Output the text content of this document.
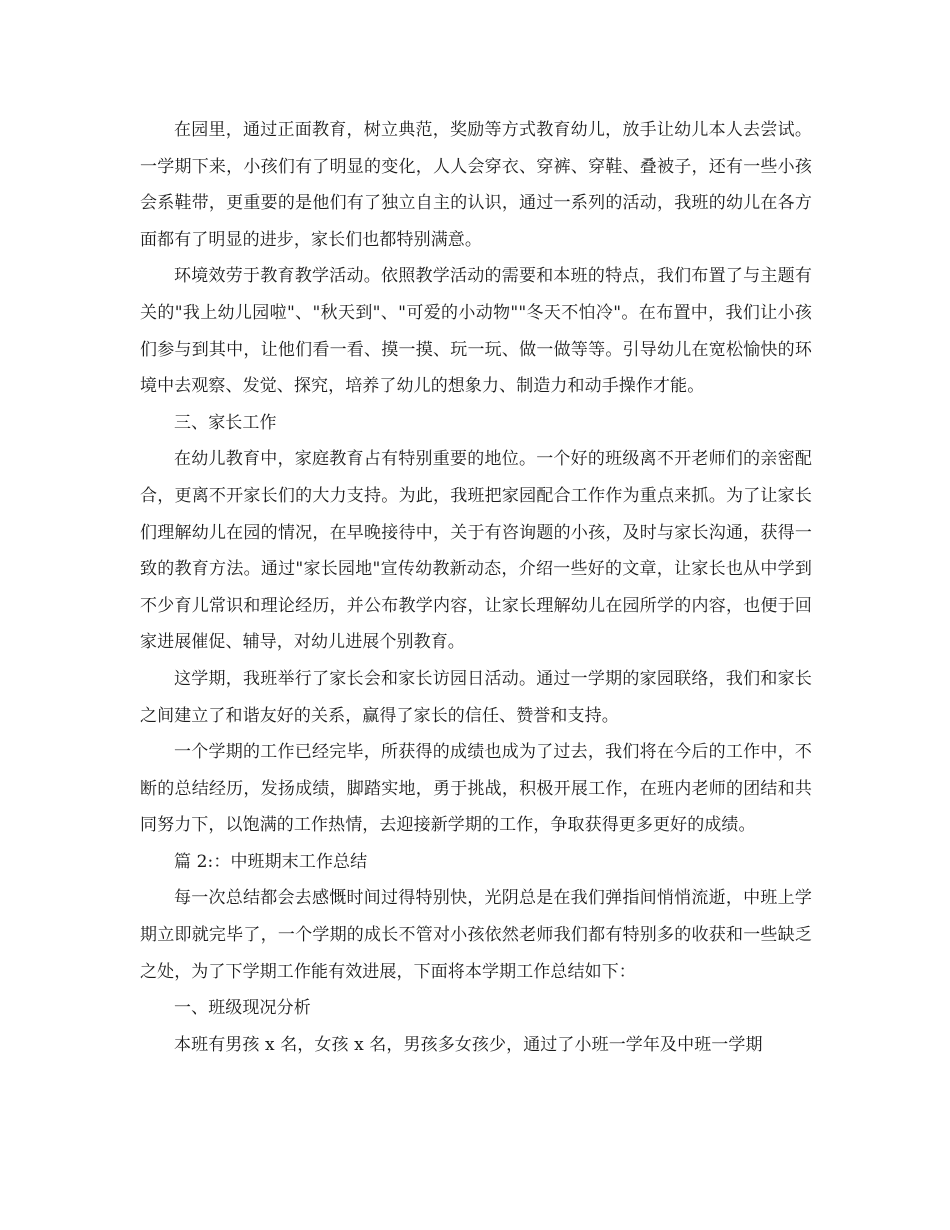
在园里，通过正面教育，树立典范，奖励等方式教育幼儿，放手让幼儿本人去尝试。一学期下来，小孩们有了明显的变化，人人会穿衣、穿裤、穿鞋、叠被子，还有一些小孩会系鞋带，更重要的是他们有了独立自主的认识，通过一系列的活动，我班的幼儿在各方面都有了明显的进步，家长们也都特别满意。

环境效劳于教育教学活动。依照教学活动的需要和本班的特点，我们布置了与主题有关的"我上幼儿园啦"、"秋天到"、"可爱的小动物""冬天不怕冷"。在布置中，我们让小孩们参与到其中，让他们看一看、摸一摸、玩一玩、做一做等等。引导幼儿在宽松愉快的环境中去观察、发觉、探究，培养了幼儿的想象力、制造力和动手操作才能。

三、家长工作

在幼儿教育中，家庭教育占有特别重要的地位。一个好的班级离不开老师们的亲密配合，更离不开家长们的大力支持。为此，我班把家园配合工作作为重点来抓。为了让家长们理解幼儿在园的情况，在早晚接待中，关于有咨询题的小孩，及时与家长沟通，获得一致的教育方法。通过"家长园地"宣传幼教新动态，介绍一些好的文章，让家长也从中学到不少育儿常识和理论经历，并公布教学内容，让家长理解幼儿在园所学的内容，也便于回家进展催促、辅导，对幼儿进展个别教育。

这学期，我班举行了家长会和家长访园日活动。通过一学期的家园联络，我们和家长之间建立了和谐友好的关系，赢得了家长的信任、赞誉和支持。

一个学期的工作已经完毕，所获得的成绩也成为了过去，我们将在今后的工作中，不断的总结经历，发扬成绩，脚踏实地，勇于挑战，积极开展工作，在班内老师的团结和共同努力下，以饱满的工作热情，去迎接新学期的工作，争取获得更多更好的成绩。

篇 2:：中班期末工作总结

每一次总结都会去感慨时间过得特别快，光阴总是在我们弹指间悄悄流逝，中班上学期立即就完毕了，一个学期的成长不管对小孩依然老师我们都有特别多的收获和一些缺乏之处，为了下学期工作能有效进展，下面将本学期工作总结如下：

一、班级现况分析

本班有男孩 x 名，女孩 x 名，男孩多女孩少，通过了小班一学年及中班一学期
